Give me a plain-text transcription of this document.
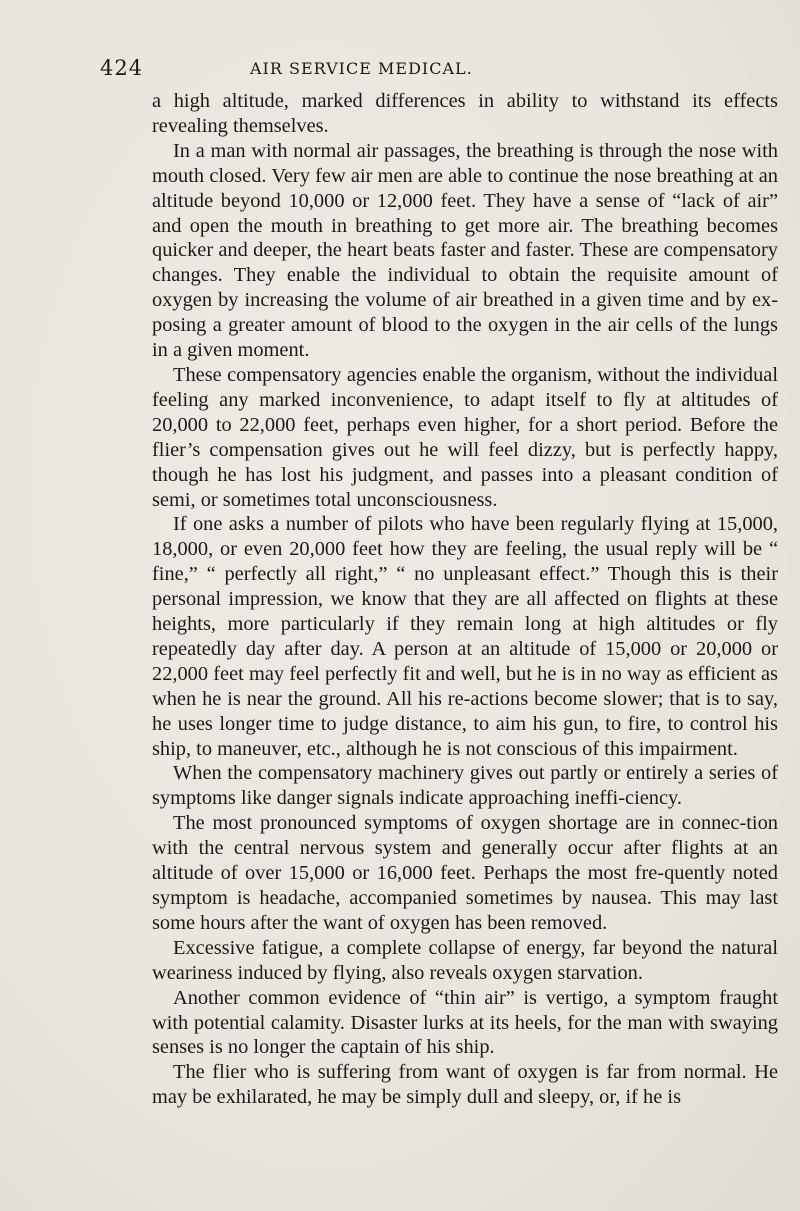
424	AIR SERVICE MEDICAL.

a high altitude, marked differences in ability to withstand its effects revealing themselves.

In a man with normal air passages, the breathing is through the nose with mouth closed. Very few air men are able to continue the nose breathing at an altitude beyond 10,000 or 12,000 feet. They have a sense of “lack of air” and open the mouth in breathing to get more air. The breathing becomes quicker and deeper, the heart beats faster and faster. These are compensatory changes. They enable the individual to obtain the requisite amount of oxygen by increasing the volume of air breathed in a given time and by ex-posing a greater amount of blood to the oxygen in the air cells of the lungs in a given moment.

These compensatory agencies enable the organism, without the individual feeling any marked inconvenience, to adapt itself to fly at altitudes of 20,000 to 22,000 feet, perhaps even higher, for a short period. Before the flier’s compensation gives out he will feel dizzy, but is perfectly happy, though he has lost his judgment, and passes into a pleasant condition of semi, or sometimes total unconsciousness.

If one asks a number of pilots who have been regularly flying at 15,000, 18,000, or even 20,000 feet how they are feeling, the usual reply will be “ fine,” “ perfectly all right,” “ no unpleasant effect.” Though this is their personal impression, we know that they are all affected on flights at these heights, more particularly if they remain long at high altitudes or fly repeatedly day after day. A person at an altitude of 15,000 or 20,000 or 22,000 feet may feel perfectly fit and well, but he is in no way as efficient as when he is near the ground. All his re-actions become slower; that is to say, he uses longer time to judge distance, to aim his gun, to fire, to control his ship, to maneuver, etc., although he is not conscious of this impairment.

When the compensatory machinery gives out partly or entirely a series of symptoms like danger signals indicate approaching ineffi-ciency.

The most pronounced symptoms of oxygen shortage are in connec-tion with the central nervous system and generally occur after flights at an altitude of over 15,000 or 16,000 feet. Perhaps the most fre-quently noted symptom is headache, accompanied sometimes by nausea. This may last some hours after the want of oxygen has been removed.

Excessive fatigue, a complete collapse of energy, far beyond the natural weariness induced by flying, also reveals oxygen starvation.

Another common evidence of “thin air” is vertigo, a symptom fraught with potential calamity. Disaster lurks at its heels, for the man with swaying senses is no longer the captain of his ship.

The flier who is suffering from want of oxygen is far from normal. He may be exhilarated, he may be simply dull and sleepy, or, if he is
